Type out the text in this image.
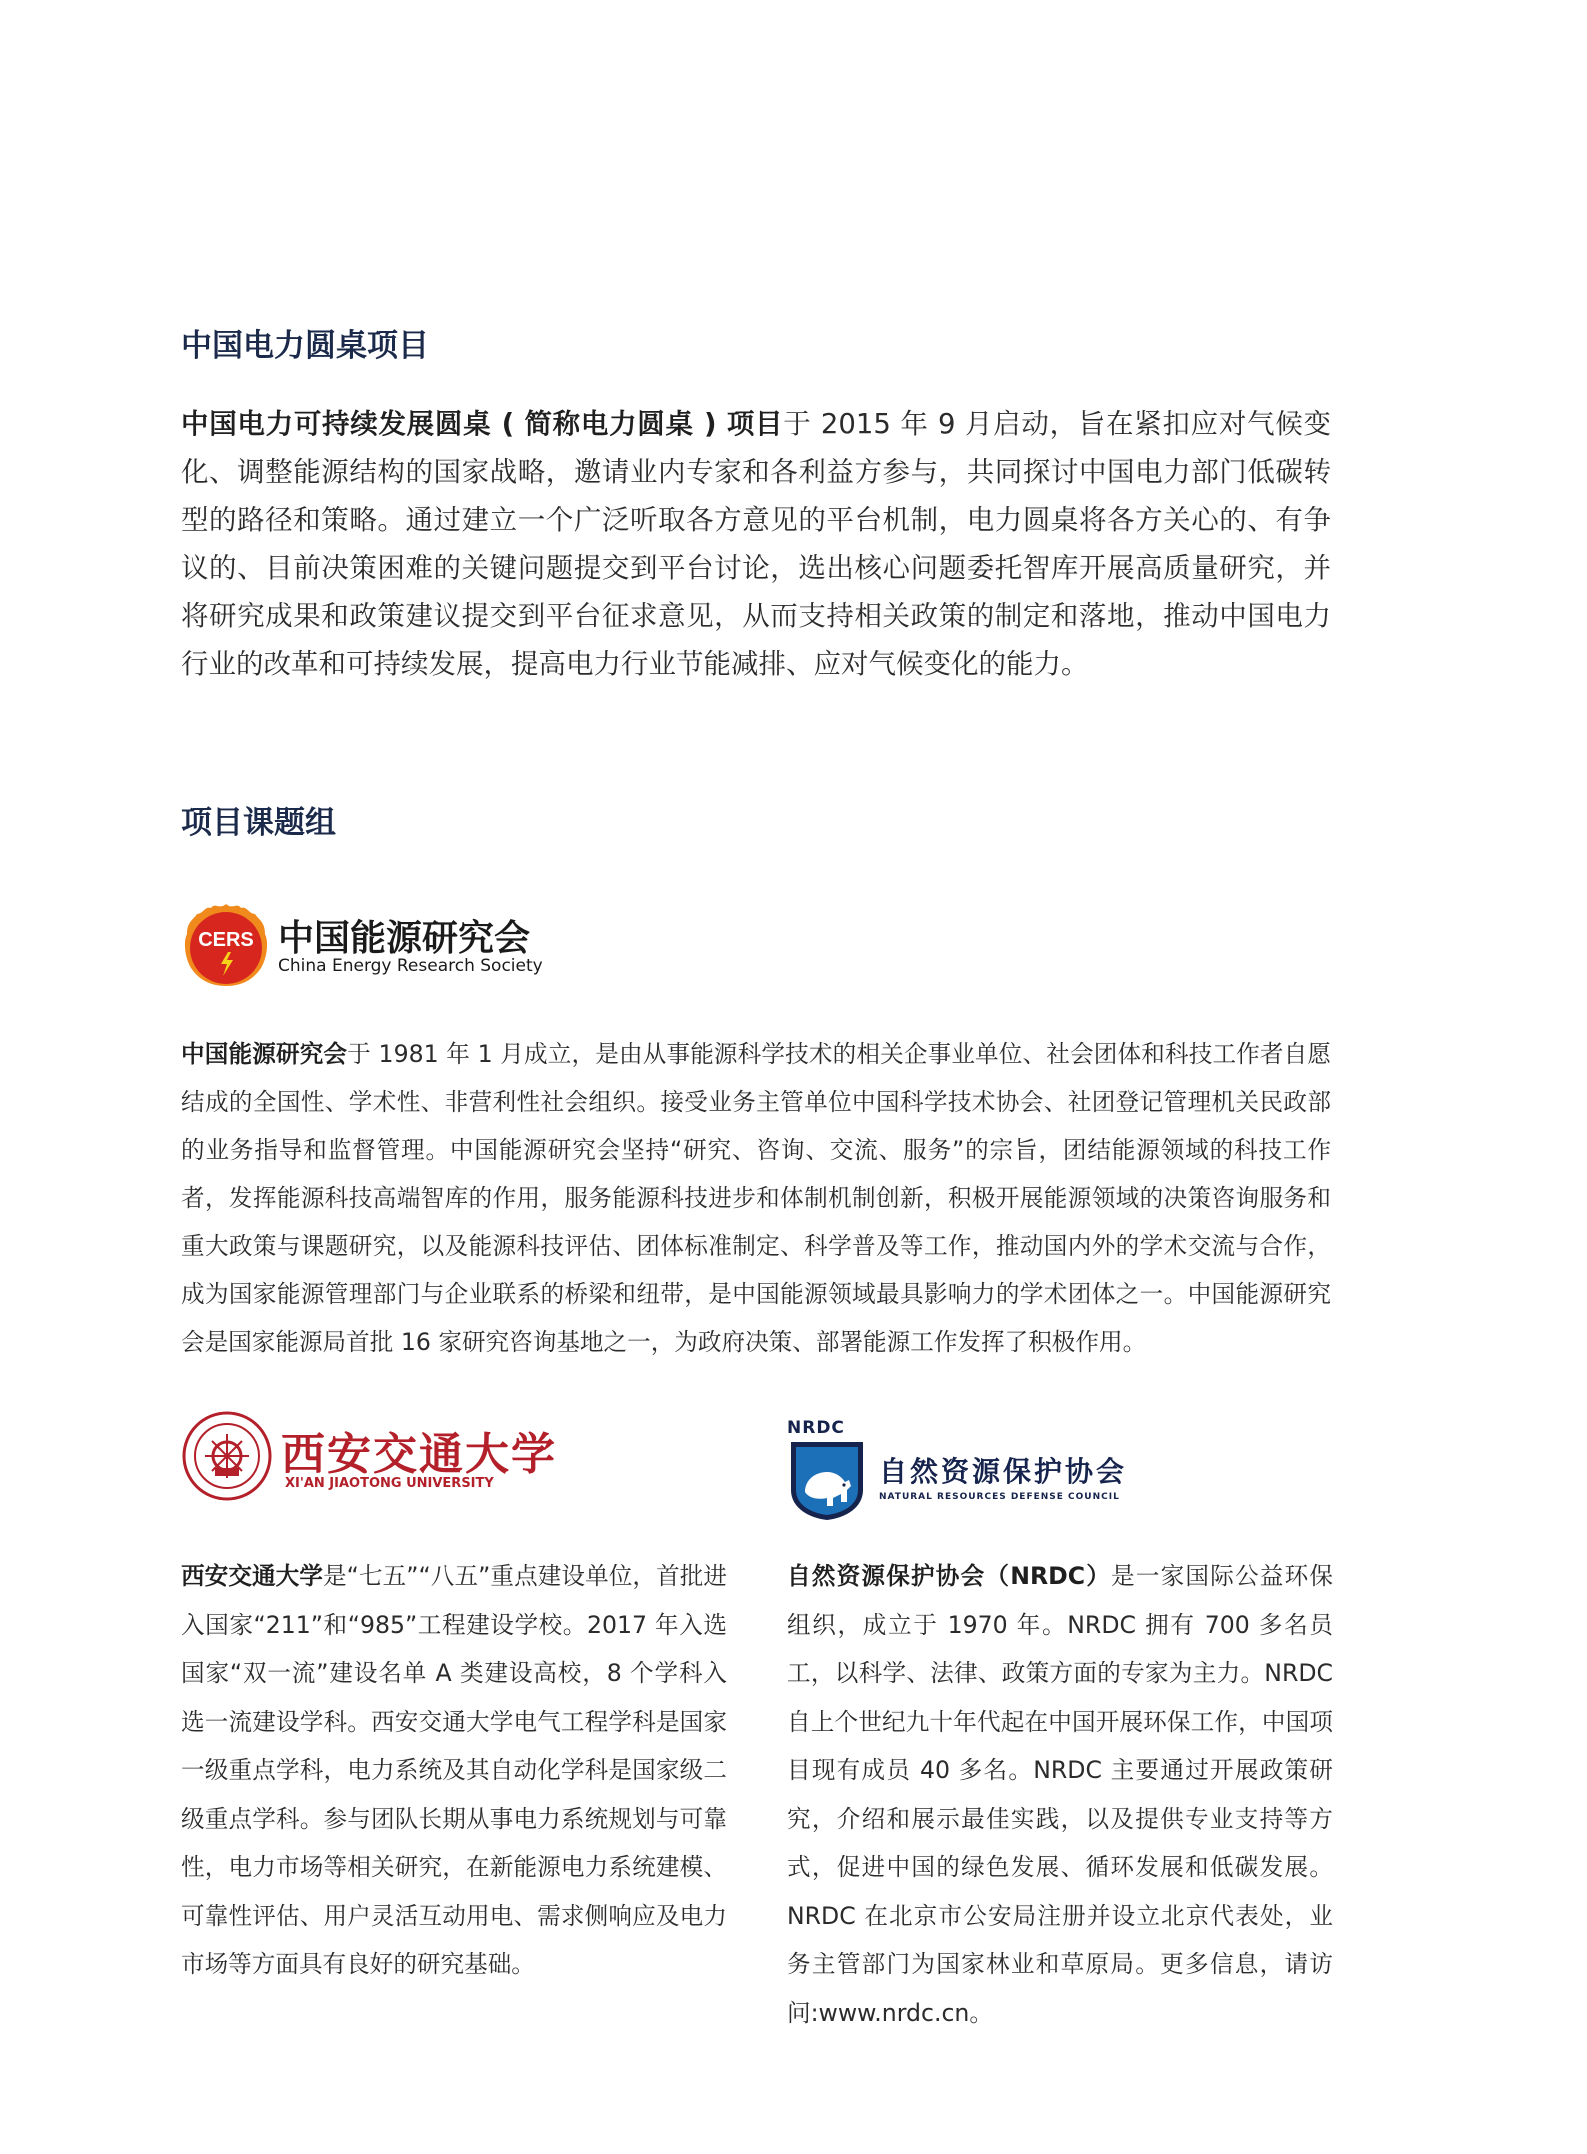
中国电力圆桌项目

中国电力可持续发展圆桌 ( 简称电力圆桌 ) 项目于 2015 年 9 月启动，旨在紧扣应对气候变化、调整能源结构的国家战略，邀请业内专家和各利益方参与，共同探讨中国电力部门低碳转型的路径和策略。通过建立一个广泛听取各方意见的平台机制，电力圆桌将各方关心的、有争议的、目前决策困难的关键问题提交到平台讨论，选出核心问题委托智库开展高质量研究，并将研究成果和政策建议提交到平台征求意见，从而支持相关政策的制定和落地，推动中国电力行业的改革和可持续发展，提高电力行业节能减排、应对气候变化的能力。

项目课题组
CERS 中国能源研究会
China Energy Research Society

中国能源研究会于 1981 年 1 月成立，是由从事能源科学技术的相关企事业单位、社会团体和科技工作者自愿结成的全国性、学术性、非营利性社会组织。接受业务主管单位中国科学技术协会、社团登记管理机关民政部的业务指导和监督管理。中国能源研究会坚持“研究、咨询、交流、服务”的宗旨，团结能源领域的科技工作者，发挥能源科技高端智库的作用，服务能源科技进步和体制机制创新，积极开展能源领域的决策咨询服务和重大政策与课题研究，以及能源科技评估、团体标准制定、科学普及等工作，推动国内外的学术交流与合作，成为国家能源管理部门与企业联系的桥梁和纽带，是中国能源领域最具影响力的学术团体之一。中国能源研究会是国家能源局首批 16 家研究咨询基地之一，为政府决策、部署能源工作发挥了积极作用。

西安交通大学
XI'AN JIAOTONG UNIVERSITY

西安交通大学是“七五”“八五”重点建设单位，首批进入国家“211”和“985”工程建设学校。2017 年入选国家“双一流”建设名单 A 类建设高校，8 个学科入选一流建设学科。西安交通大学电气工程学科是国家一级重点学科，电力系统及其自动化学科是国家级二级重点学科。参与团队长期从事电力系统规划与可靠性，电力市场等相关研究，在新能源电力系统建模、可靠性评估、用户灵活互动用电、需求侧响应及电力市场等方面具有良好的研究基础。

NRDC
自然资源保护协会
NATURAL RESOURCES DEFENSE COUNCIL

自然资源保护协会（NRDC）是一家国际公益环保组织，成立于 1970 年。NRDC 拥有 700 多名员工，以科学、法律、政策方面的专家为主力。NRDC 自上个世纪九十年代起在中国开展环保工作，中国项目现有成员 40 多名。NRDC 主要通过开展政策研究，介绍和展示最佳实践，以及提供专业支持等方式，促进中国的绿色发展、循环发展和低碳发展。NRDC 在北京市公安局注册并设立北京代表处，业务主管部门为国家林业和草原局。更多信息，请访问:www.nrdc.cn。
